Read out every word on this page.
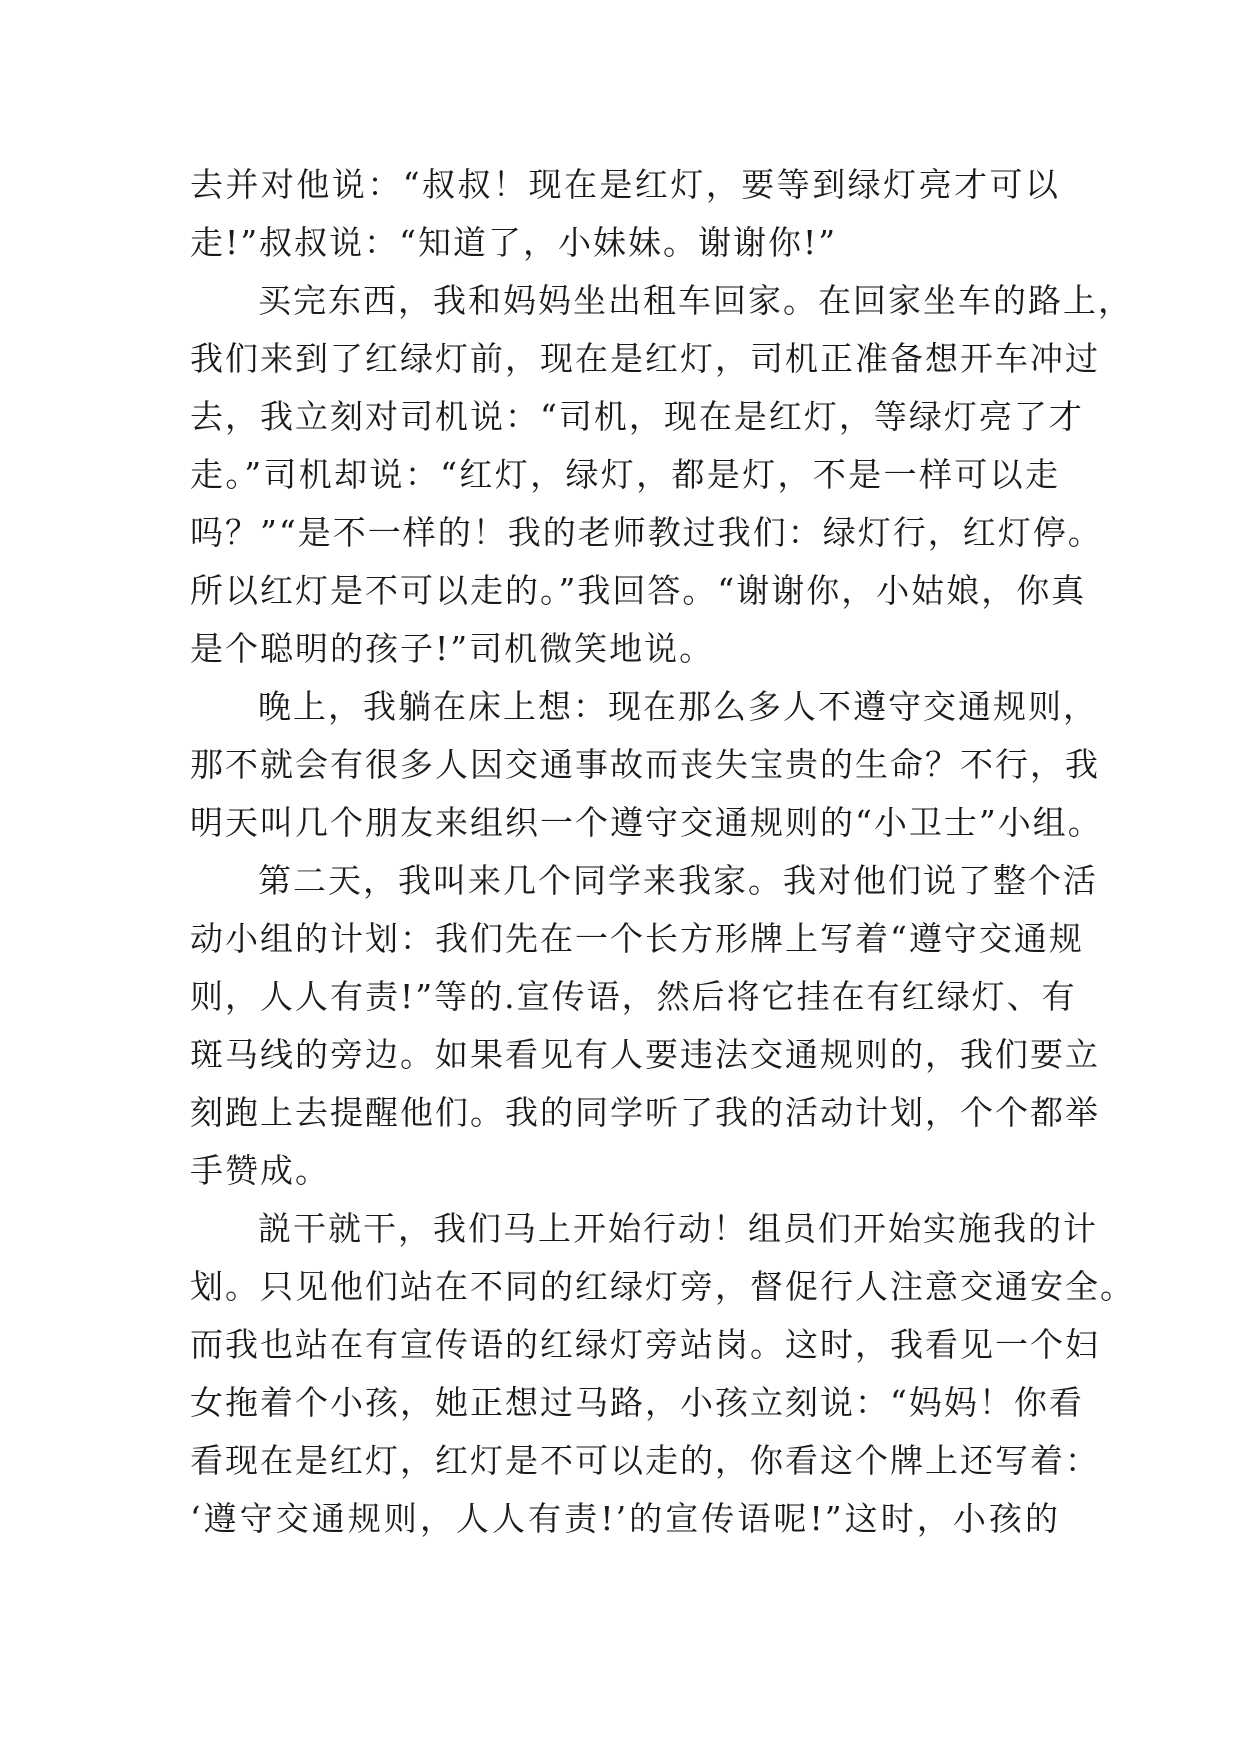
去并对他说：“叔叔！现在是红灯，要等到绿灯亮才可以
走!”叔叔说：“知道了，小妹妹。谢谢你!”
买完东西，我和妈妈坐出租车回家。在回家坐车的路上，
我们来到了红绿灯前，现在是红灯，司机正准备想开车冲过
去，我立刻对司机说：“司机，现在是红灯，等绿灯亮了才
走。”司机却说：“红灯，绿灯，都是灯，不是一样可以走
吗？”“是不一样的！我的老师教过我们：绿灯行，红灯停。
所以红灯是不可以走的。”我回答。“谢谢你，小姑娘，你真
是个聪明的孩子!”司机微笑地说。
晚上，我躺在床上想：现在那么多人不遵守交通规则，
那不就会有很多人因交通事故而丧失宝贵的生命？不行，我
明天叫几个朋友来组织一个遵守交通规则的“小卫士”小组。
第二天，我叫来几个同学来我家。我对他们说了整个活
动小组的计划：我们先在一个长方形牌上写着“遵守交通规
则，人人有责!”等的.宣传语，然后将它挂在有红绿灯、有
斑马线的旁边。如果看见有人要违法交通规则的，我们要立
刻跑上去提醒他们。我的同学听了我的活动计划，个个都举
手赞成。
説干就干，我们马上开始行动！组员们开始实施我的计
划。只见他们站在不同的红绿灯旁，督促行人注意交通安全。
而我也站在有宣传语的红绿灯旁站岗。这时，我看见一个妇
女拖着个小孩，她正想过马路，小孩立刻说：“妈妈！你看
看现在是红灯，红灯是不可以走的，你看这个牌上还写着：
‘遵守交通规则，人人有责!’的宣传语呢!”这时，小孩的
